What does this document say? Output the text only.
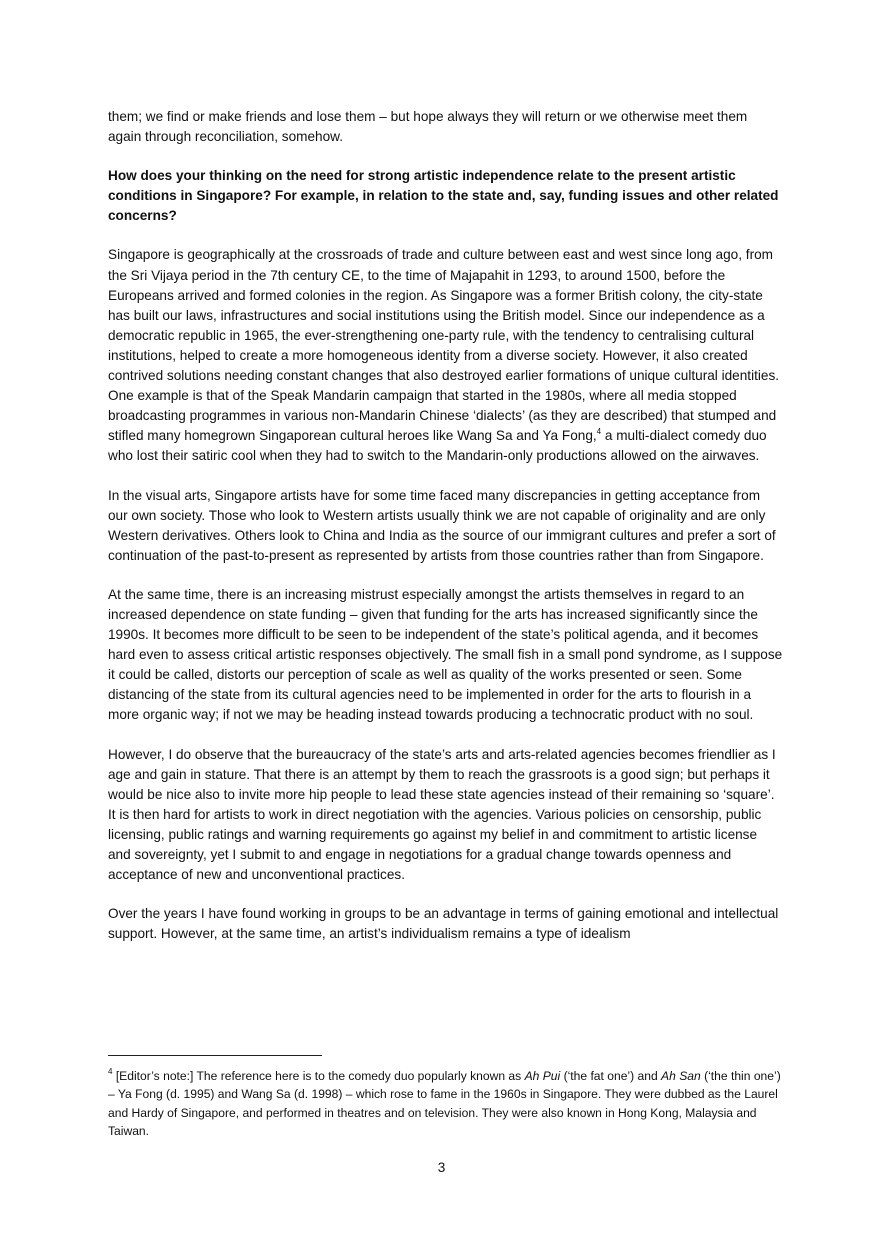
them; we find or make friends and lose them – but hope always they will return or we otherwise meet them again through reconciliation, somehow.

How does your thinking on the need for strong artistic independence relate to the present artistic conditions in Singapore? For example, in relation to the state and, say, funding issues and other related concerns?

Singapore is geographically at the crossroads of trade and culture between east and west since long ago, from the Sri Vijaya period in the 7th century CE, to the time of Majapahit in 1293, to around 1500, before the Europeans arrived and formed colonies in the region. As Singapore was a former British colony, the city-state has built our laws, infrastructures and social institutions using the British model. Since our independence as a democratic republic in 1965, the ever-strengthening one-party rule, with the tendency to centralising cultural institutions, helped to create a more homogeneous identity from a diverse society. However, it also created contrived solutions needing constant changes that also destroyed earlier formations of unique cultural identities. One example is that of the Speak Mandarin campaign that started in the 1980s, where all media stopped broadcasting programmes in various non-Mandarin Chinese ‘dialects’ (as they are described) that stumped and stifled many homegrown Singaporean cultural heroes like Wang Sa and Ya Fong,$^4$ a multi-dialect comedy duo who lost their satiric cool when they had to switch to the Mandarin-only productions allowed on the airwaves.

In the visual arts, Singapore artists have for some time faced many discrepancies in getting acceptance from our own society. Those who look to Western artists usually think we are not capable of originality and are only Western derivatives. Others look to China and India as the source of our immigrant cultures and prefer a sort of continuation of the past-to-present as represented by artists from those countries rather than from Singapore.

At the same time, there is an increasing mistrust especially amongst the artists themselves in regard to an increased dependence on state funding – given that funding for the arts has increased significantly since the 1990s. It becomes more difficult to be seen to be independent of the state’s political agenda, and it becomes hard even to assess critical artistic responses objectively. The small fish in a small pond syndrome, as I suppose it could be called, distorts our perception of scale as well as quality of the works presented or seen. Some distancing of the state from its cultural agencies need to be implemented in order for the arts to flourish in a more organic way; if not we may be heading instead towards producing a technocratic product with no soul.

However, I do observe that the bureaucracy of the state’s arts and arts-related agencies becomes friendlier as I age and gain in stature. That there is an attempt by them to reach the grassroots is a good sign; but perhaps it would be nice also to invite more hip people to lead these state agencies instead of their remaining so ‘square’. It is then hard for artists to work in direct negotiation with the agencies. Various policies on censorship, public licensing, public ratings and warning requirements go against my belief in and commitment to artistic license and sovereignty, yet I submit to and engage in negotiations for a gradual change towards openness and acceptance of new and unconventional practices.

Over the years I have found working in groups to be an advantage in terms of gaining emotional and intellectual support. However, at the same time, an artist’s individualism remains a type of idealism

$^4$ [Editor’s note:] The reference here is to the comedy duo popularly known as Ah Pui (‘the fat one’) and Ah San (‘the thin one’) – Ya Fong (d. 1995) and Wang Sa (d. 1998) – which rose to fame in the 1960s in Singapore. They were dubbed as the Laurel and Hardy of Singapore, and performed in theatres and on television. They were also known in Hong Kong, Malaysia and Taiwan.

3
